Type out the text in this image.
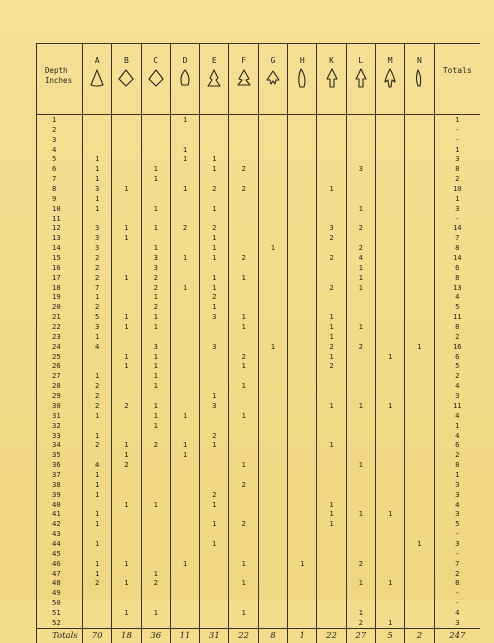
Depth
Inches	A	B	C	D	E	F	G	H	K	L	M	N	Totals
1				1									1
2													-
3													-
4				1									1
5	1			1	1								3
6	1		1		1	2				3			8
7	1		1										2
8	3	1		1	2	2			1				10
9	1												1
10	1		1		1					1			3
11													-
12	3	1	1	2	2				3	2			14
13	3	1			1				2				7
14	3		1		1		1			2			8
15	2		3	1	1	2			2	4			14
16	2		3							1			6
17	2	1	2		1	1				1			8
18	7		2	1	1				2	1			13
19	1		1		2								4
20	2		2		1								5
21	5	1	1		3	1			1				11
22	3	1	1			1			1	1			8
23	1								1				2
24	4		3		3		1		2	2		1	16
25		1	1			2			1		1		6
26		1	1			1			2				5
27	1		1										2
28	2		1			1							4
29	2				1								3
30	2	2	1		3				1	1	1		11
31	1		1	1		1							4
32			1										1
33	1				2								4
34	2	1	2	1	1				1				6
35		1		1									2
36	4	2				1				1			8
37	1												1
38	1					2							3
39	1				2								3
40		1	1		1				1				4
41	1								1	1	1		3
42	1				1	2			1				5
43													-
44	1				1							1	3
45													-
46	1	1		1		1		1		2			7
47	1		1										2
48	2	1	2			1				1	1		8
49													-
50													-
51		1	1			1				1			4
52										2	1		3
Totals	70	18	36	11	31	22	8	1	22	27	5	2	247
